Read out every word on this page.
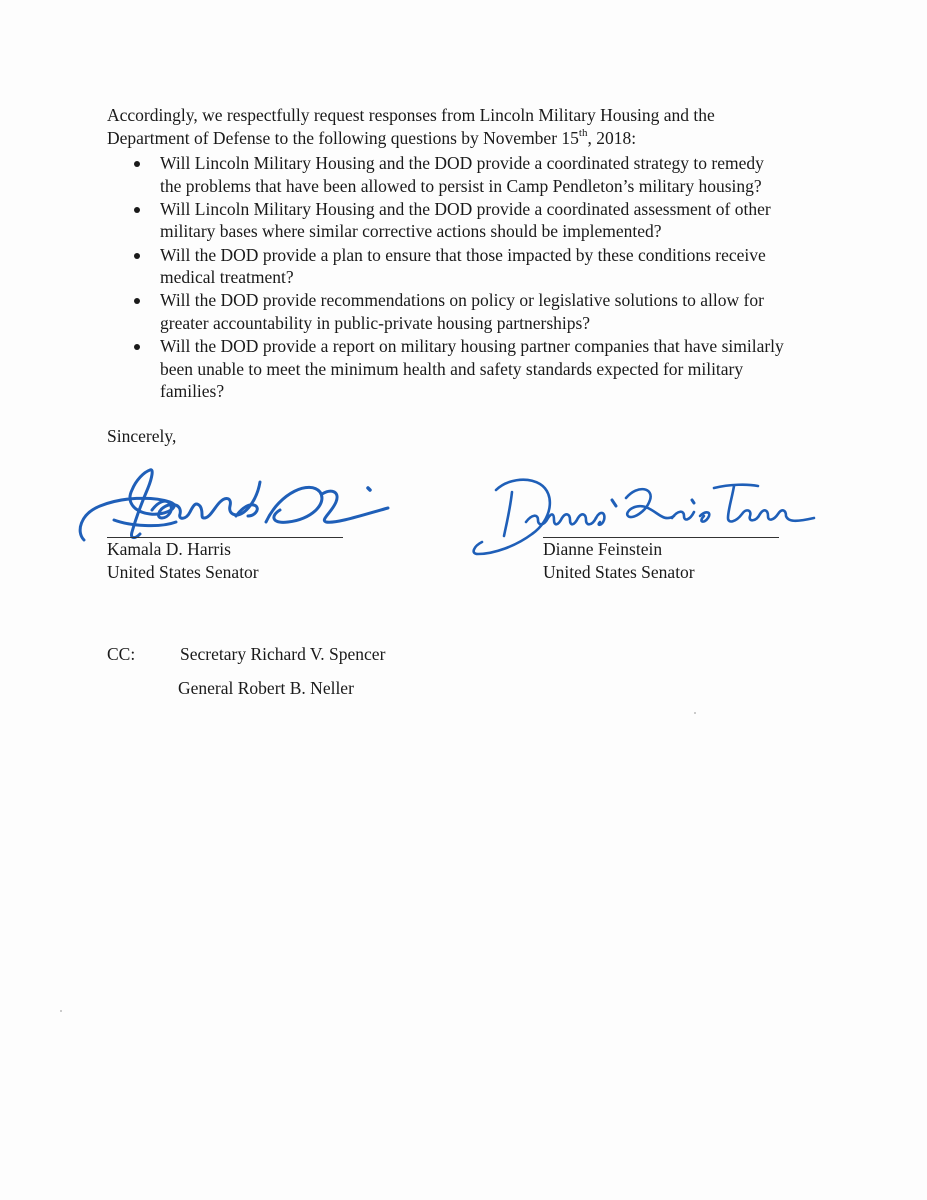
Accordingly, we respectfully request responses from Lincoln Military Housing and the

Department of Defense to the following questions by November 15th, 2018:

Will Lincoln Military Housing and the DOD provide a coordinated strategy to remedy
the problems that have been allowed to persist in Camp Pendleton’s military housing?
Will Lincoln Military Housing and the DOD provide a coordinated assessment of other
military bases where similar corrective actions should be implemented?
Will the DOD provide a plan to ensure that those impacted by these conditions receive
medical treatment?
Will the DOD provide recommendations on policy or legislative solutions to allow for
greater accountability in public-private housing partnerships?
Will the DOD provide a report on military housing partner companies that have similarly
been unable to meet the minimum health and safety standards expected for military
families?
Sincerely,
Kamala D. Harris
United States Senator
Dianne Feinstein
United States Senator
CC:	Secretary Richard V. Spencer
General Robert B. Neller
